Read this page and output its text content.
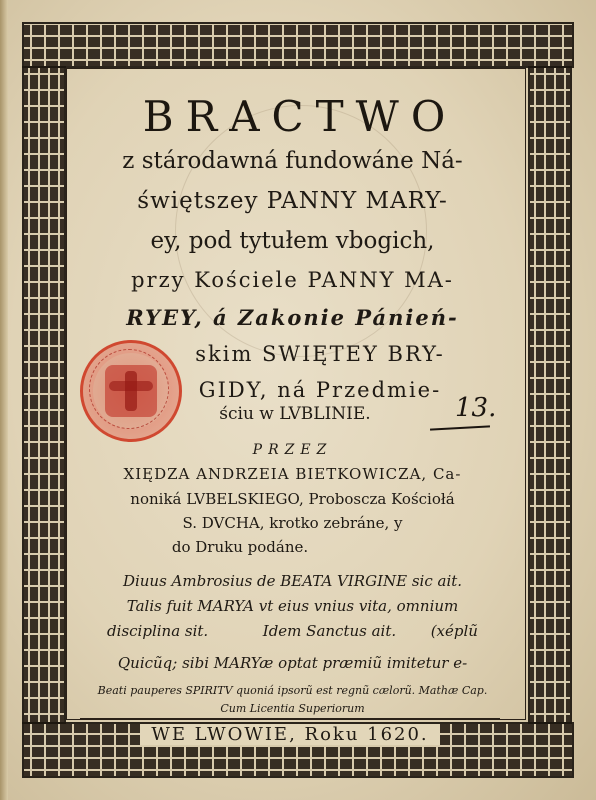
BRACTWO
z stárodawná fundowáne Ná-
świętszey PANNY MARY-
ey, pod tytułem vbogich,
przy Kościele PANNY MA-
RYEY, á Zakonie Pánień-
skim SWIĘTEY BRY-
GIDY, ná Przedmie-
ściu w LVBLINIE.	13.
PRZEZ
XIĘDZA ANDRZEIA BIETKOWICZA, Ca-
noniká LVBELSKIEGO, Proboscza Kościołá
S. DVCHA, krotko zebráne, y
do Druku podáne.
Diuus Ambrosius de BEATA VIRGINE sic ait.
Talis fuit MARYA vt eius vnius vita, omnium
disciplina sit.	Idem Sanctus ait. (xéplũ
Quicũq; sibi MARYæ optat præmiũ imitetur e-
Beati pauperes SPIRITV quoniá ipsorũ est regnũ cælorũ. Mathæ Cap.
Cum Licentia Superiorum
WE LWOWIE, Roku 1620.
